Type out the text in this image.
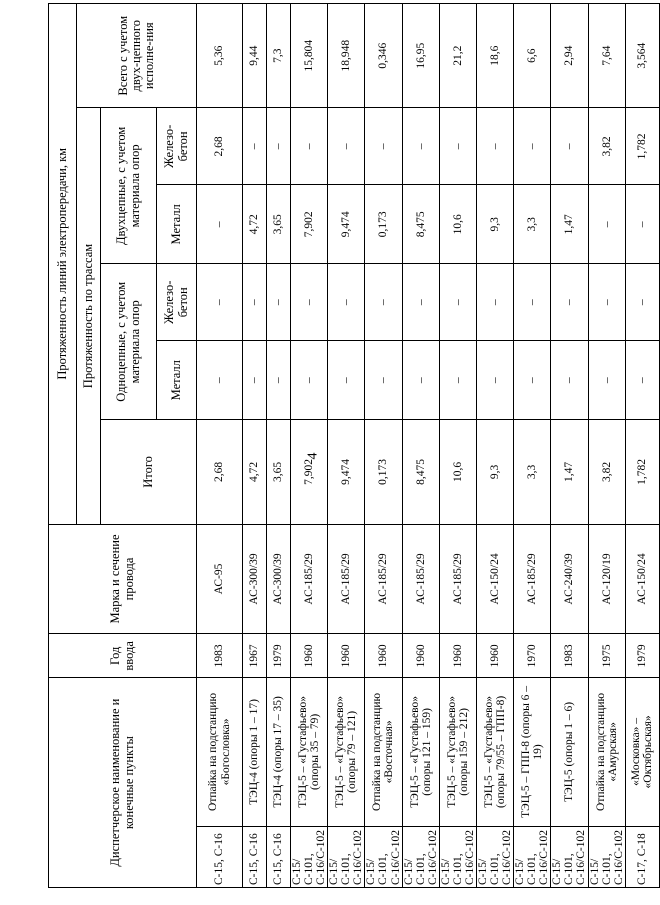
4
Диспетчерское наименование и конечные пункты		Год ввода	Марка и сечение провода	Протяженность линий электропередачи, км					
				Протяженность по трассам					Всего с учетом двух-цепного исполне-ния
				Итого	Одноцепные, с учетом материала опор		Двухцепные, с учетом материала опор		
					Металл	Железо-бетон	Металл	Железо-бетон	
С-15, С-16	Отпайка на подстанцию «Богословка»	1983	АС-95	2,68	–	–	–	2,68	5,36
С-15, С-16	ТЭЦ-4 (опоры 1 – 17)	1967	АС-300/39	4,72	–	–	4,72	–	9,44
С-15, С-16	ТЭЦ-4 (опоры 17 – 35)	1979	АС-300/39	3,65	–	–	3,65	–	7,3
С-15/С-101, С-16/С-102	ТЭЦ-5 – «Густафьево» (опоры 35 – 79)	1960	АС-185/29	7,902	–	–	7,902	–	15,804
С-15/С-101, С-16/С-102	ТЭЦ-5 – «Густафьево» (опоры 79 – 121)	1960	АС-185/29	9,474	–	–	9,474	–	18,948
С-15/С-101, С-16/С-102	Отпайка на подстанцию «Восточная»	1960	АС-185/29	0,173	–	–	0,173	–	0,346
С-15/С-101, С-16/С-102	ТЭЦ-5 – «Густафьево» (опоры 121 – 159)	1960	АС-185/29	8,475	–	–	8,475	–	16,95
С-15/С-101, С-16/С-102	ТЭЦ-5 – «Густафьево» (опоры 159 – 212)	1960	АС-185/29	10,6	–	–	10,6	–	21,2
С-15/С-101, С-16/С-102	ТЭЦ-5 – «Густафьево» (опоры 79/55 – ГПП-8)	1960	АС-150/24	9,3	–	–	9,3	–	18,6
С-15/С-101, С-16/С-102	ТЭЦ-5 – ГПП-8 (опоры 6 – 19)	1970	АС-185/29	3,3	–	–	3,3	–	6,6
С-15/С-101, С-16/С-102	ТЭЦ-5 (опоры 1 – 6)	1983	АС-240/39	1,47	–	–	1,47	–	2,94
С-15/С-101, С-16/С-102	Отпайка на подстанцию «Амурская»	1975	АС-120/19	3,82	–	–	–	3,82	7,64
С-17, С-18	«Московка» – «Октябрьская»	1979	АС-150/24	1,782	–	–	–	1,782	3,564
